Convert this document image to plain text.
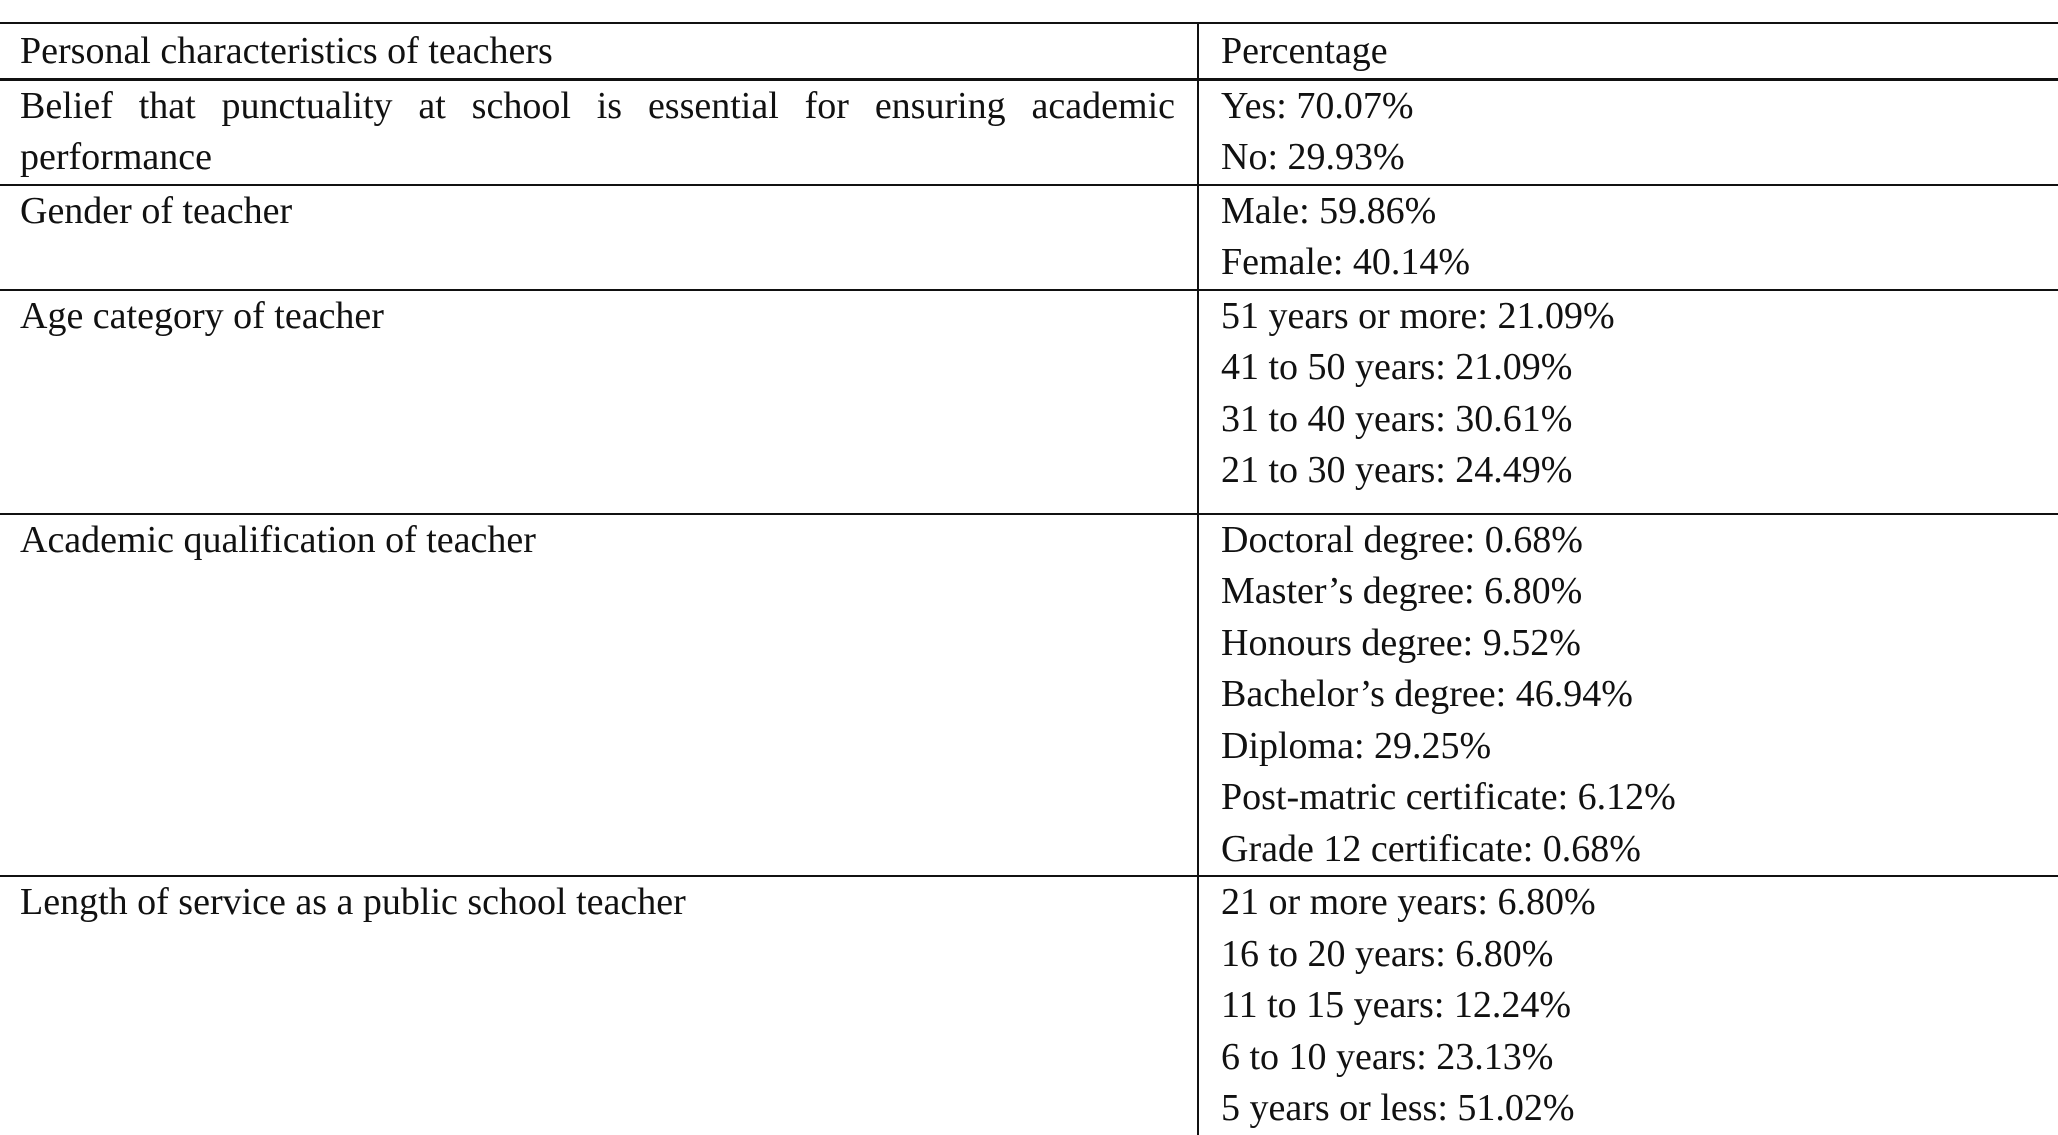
Personal characteristics of teachers	Percentage

Belief that punctuality at school is essential for ensuring academic performance	Yes: 70.07%
No: 29.93%

Gender of teacher	Male: 59.86%
Female: 40.14%

Age category of teacher	51 years or more: 21.09%
41 to 50 years: 21.09%
31 to 40 years: 30.61%
21 to 30 years: 24.49%

Academic qualification of teacher	Doctoral degree: 0.68%
Master’s degree: 6.80%
Honours degree: 9.52%
Bachelor’s degree: 46.94%
Diploma: 29.25%
Post-matric certificate: 6.12%
Grade 12 certificate: 0.68%

Length of service as a public school teacher	21 or more years: 6.80%
16 to 20 years: 6.80%
11 to 15 years: 12.24%
6 to 10 years: 23.13%
5 years or less: 51.02%
